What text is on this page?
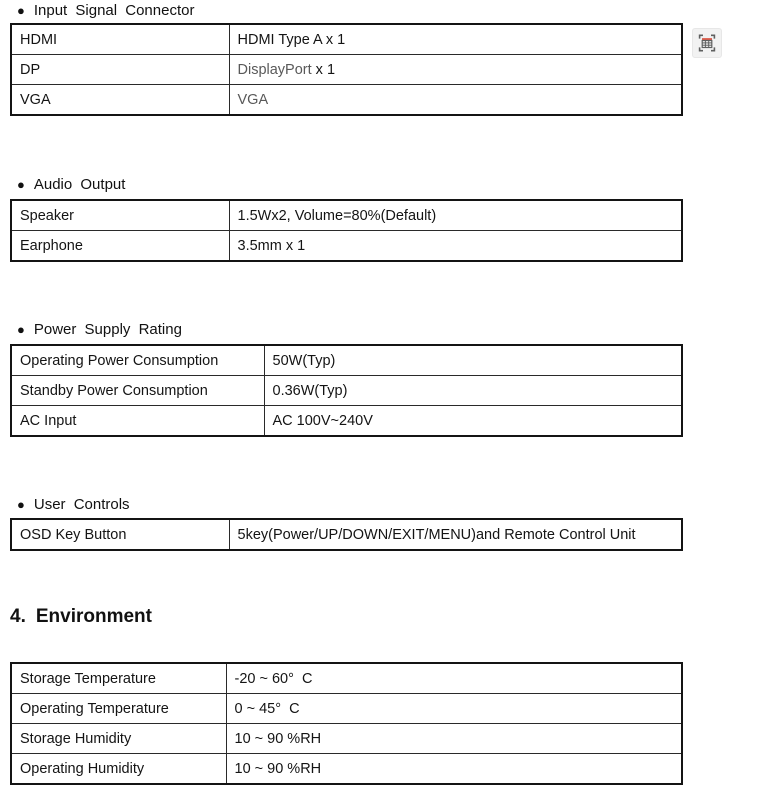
● Input Signal Connector
HDMI	HDMI Type A x 1
DP	DisplayPort x 1
VGA	VGA
● Audio Output
Speaker	1.5Wx2, Volume=80%(Default)
Earphone	3.5mm x 1
● Power Supply Rating
Operating Power Consumption	50W(Typ)
Standby Power Consumption	0.36W(Typ)
AC Input	AC 100V~240V
● User Controls
OSD Key Button	5key(Power/UP/DOWN/EXIT/MENU)and Remote Control Unit
4. Environment
Storage Temperature	-20 ~ 60°  C
Operating Temperature	0 ~ 45°  C
Storage Humidity	10 ~ 90 %RH
Operating Humidity	10 ~ 90 %RH
